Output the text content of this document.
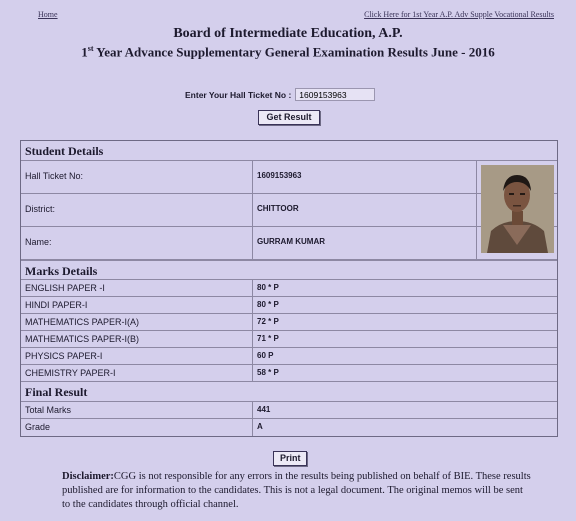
Home	Click Here for 1st Year A.P. Adv Supple Vocational Results
Board of Intermediate Education, A.P.
1st Year Advance Supplementary General Examination Results June - 2016
Enter Your Hall Ticket No :
1609153963
Get Result
Student Details
Hall Ticket No:	1609153963
District:	CHITTOOR
Name:	GURRAM KUMAR
Marks Details
ENGLISH PAPER -I	80 * P
HINDI PAPER-I	80 * P
MATHEMATICS PAPER-I(A)	72 * P
MATHEMATICS PAPER-I(B)	71 * P
PHYSICS PAPER-I	60 P
CHEMISTRY PAPER-I	58 * P
Final Result
Total Marks	441
Grade	A
Print
Disclaimer:CGG is not responsible for any errors in the results being published on behalf of BIE. These results published are for information to the candidates. This is not a legal document. The original memos will be sent to the candidates through official channel.
